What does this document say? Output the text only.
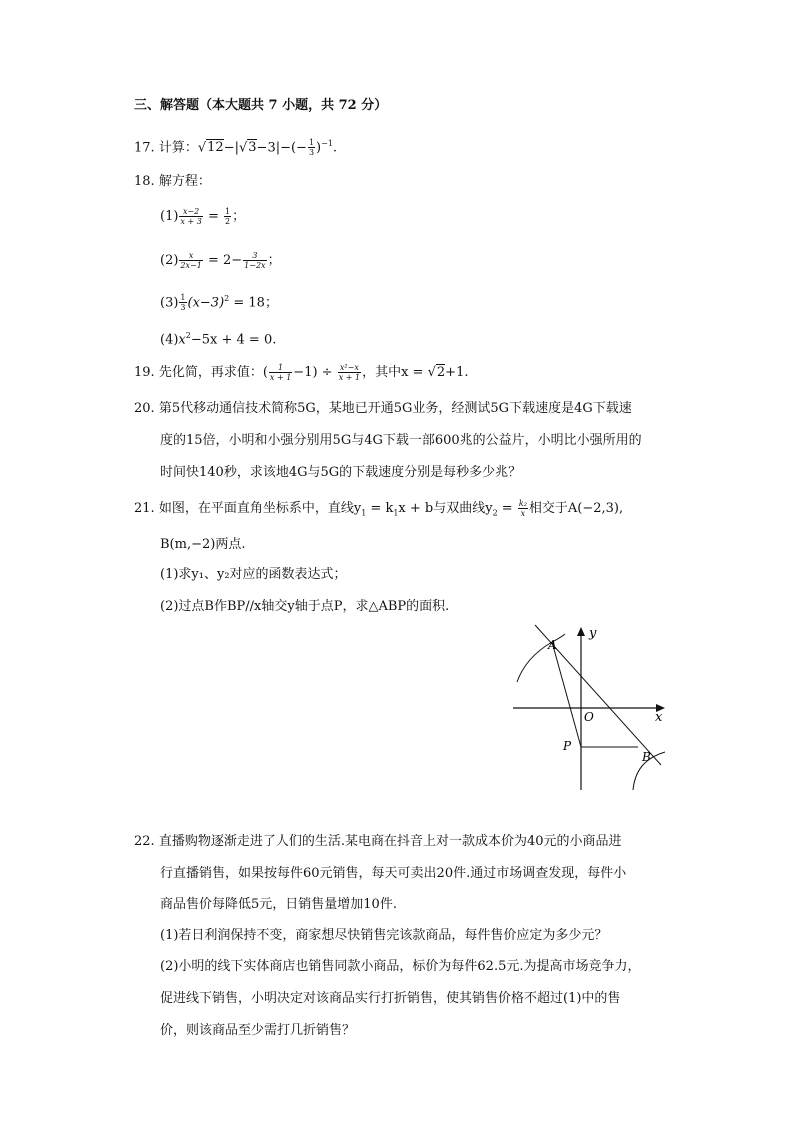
三、解答题（本大题共 7 小题，共 72 分）
17. 计算：$√12-|√3-3|-(- \frac{1}{3} )^{-1}$.
18. 解方程：
$(1) \frac{x-2}{x + 3} = \frac{1}{2}$ ；
$(2) \frac{x}{2x-1} = 2- \frac{3}{1-2x}$ ；
$(3) \frac{1}{3} (x-3)^2 = 18$；
$(4)x^2-5x + 4 = 0$.
19. 先化简，再求值：( $\frac{1}{x + 1} -1) \div \frac{\text{x²−x}}{x + 1}$ ，其中x = √2+1.
20. 第5代移动通信技术简称5G，某地已开通5G业务，经测试5G下载速度是4G下载速
度的15倍，小明和小强分别用5G与4G下载一部600兆的公益片，小明比小强所用的
时间快140秒，求该地4G与5G的下载速度分别是每秒多少兆？
21. 如图，在平面直角坐标系中，直线$y_1 = k_1x + b$与双曲线$y_2 = \frac{\text{k₂}}{x}$ 相交于A(−2,3),
B(m,−2)两点.
(1)求y₁、y₂对应的函数表达式；
(2)过点B作BP//x轴交y轴于点P，求△ABP的面积.
y
x
O
A
P
B
22. 直播购物逐渐走进了人们的生活.某电商在抖音上对一款成本价为40元的小商品进
行直播销售，如果按每件60元销售，每天可卖出20件.通过市场调查发现，每件小
商品售价每降低5元，日销售量增加10件.
(1)若日利润保持不变，商家想尽快销售完该款商品，每件售价应定为多少元？
(2)小明的线下实体商店也销售同款小商品，标价为每件62.5元.为提高市场竞争力，
促进线下销售，小明决定对该商品实行打折销售，使其销售价格不超过(1)中的售
价，则该商品至少需打几折销售？
